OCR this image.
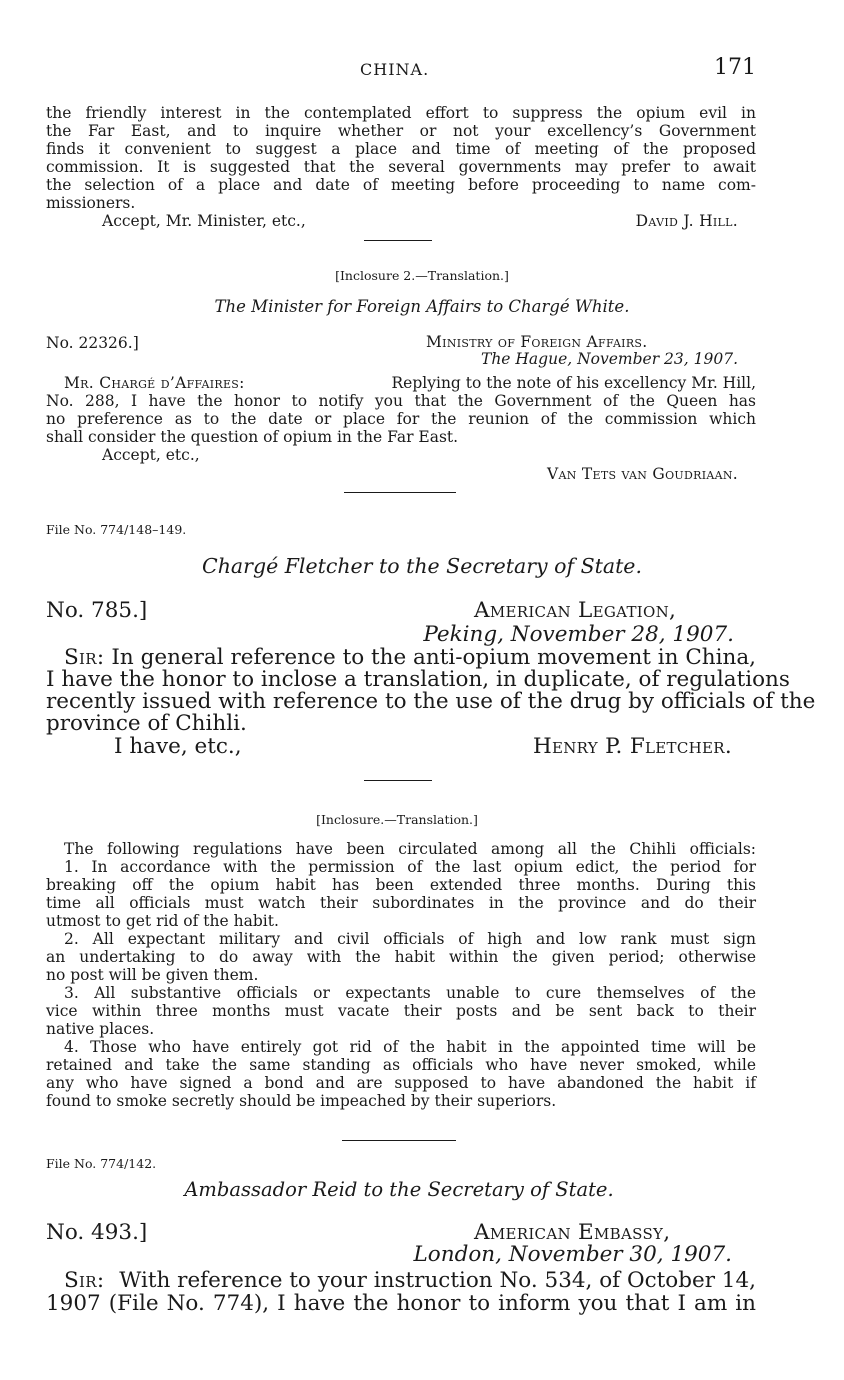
CHINA.	171
the friendly interest in the contemplated effort to suppress the opium evil in
the Far East, and to inquire whether or not your excellency’s Government
finds it convenient to suggest a place and time of meeting of the proposed
commission. It is suggested that the several governments may prefer to await
the selection of a place and date of meeting before proceeding to name com-
missioners.
Accept, Mr. Minister, etc.,	David J. Hill.
[Inclosure 2.—Translation.]
The Minister for Foreign Affairs to Chargé White.
No. 22326.]	Ministry of Foreign Affairs.
The Hague, November 23, 1907.
Mr. Chargé d’Affaires:	Replying to the note of his excellency Mr. Hill,
No. 288, I have the honor to notify you that the Government of the Queen has
no preference as to the date or place for the reunion of the commission which
shall consider the question of opium in the Far East.
Accept, etc.,
Van Tets van Goudriaan.
File No. 774/148–149.
Chargé Fletcher to the Secretary of State.
No. 785.]	American Legation,
Peking, November 28, 1907.
Sir: In general reference to the anti-opium movement in China,
I have the honor to inclose a translation, in duplicate, of regulations
recently issued with reference to the use of the drug by officials of the
province of Chihli.
I have, etc.,	Henry P. Fletcher.
[Inclosure.—Translation.]
The following regulations have been circulated among all the Chihli officials:
1. In accordance with the permission of the last opium edict, the period for
breaking off the opium habit has been extended three months. During this
time all officials must watch their subordinates in the province and do their
utmost to get rid of the habit.
2. All expectant military and civil officials of high and low rank must sign
an undertaking to do away with the habit within the given period; otherwise
no post will be given them.
3. All substantive officials or expectants unable to cure themselves of the
vice within three months must vacate their posts and be sent back to their
native places.
4. Those who have entirely got rid of the habit in the appointed time will be
retained and take the same standing as officials who have never smoked, while
any who have signed a bond and are supposed to have abandoned the habit if
found to smoke secretly should be impeached by their superiors.
File No. 774/142.
Ambassador Reid to the Secretary of State.
No. 493.]	American Embassy,
London, November 30, 1907.
Sir: With reference to your instruction No. 534, of October 14,
1907 (File No. 774), I have the honor to inform you that I am in
